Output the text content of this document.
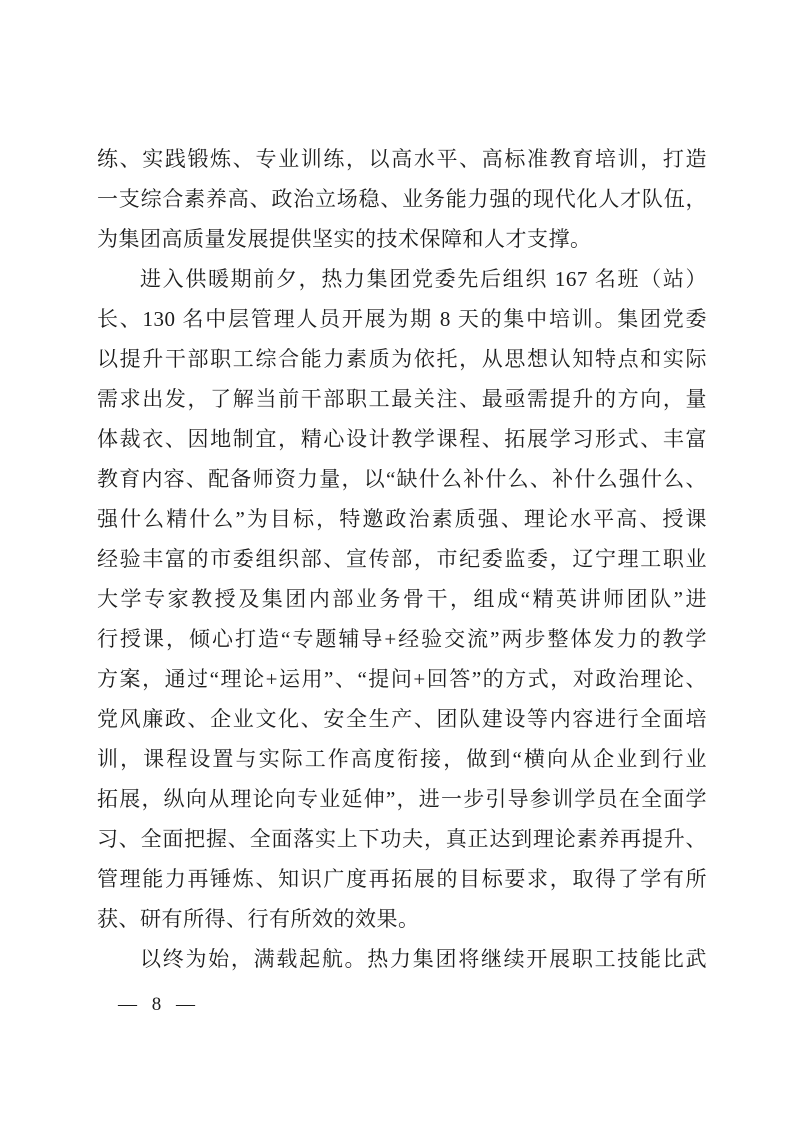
练、实践锻炼、专业训练，以高水平、高标准教育培训，打造

一支综合素养高、政治立场稳、业务能力强的现代化人才队伍，

为集团高质量发展提供坚实的技术保障和人才支撑。

进入供暖期前夕，热力集团党委先后组织 167 名班（站）

长、130 名中层管理人员开展为期 8 天的集中培训。集团党委

以提升干部职工综合能力素质为依托，从思想认知特点和实际

需求出发，了解当前干部职工最关注、最亟需提升的方向，量

体裁衣、因地制宜，精心设计教学课程、拓展学习形式、丰富

教育内容、配备师资力量，以“缺什么补什么、补什么强什么、

强什么精什么”为目标，特邀政治素质强、理论水平高、授课

经验丰富的市委组织部、宣传部，市纪委监委，辽宁理工职业

大学专家教授及集团内部业务骨干，组成“精英讲师团队”进

行授课，倾心打造“专题辅导+经验交流”两步整体发力的教学

方案，通过“理论+运用”、“提问+回答”的方式，对政治理论、

党风廉政、企业文化、安全生产、团队建设等内容进行全面培

训，课程设置与实际工作高度衔接，做到“横向从企业到行业

拓展，纵向从理论向专业延伸”，进一步引导参训学员在全面学

习、全面把握、全面落实上下功夫，真正达到理论素养再提升、

管理能力再锤炼、知识广度再拓展的目标要求，取得了学有所

获、研有所得、行有所效的效果。

以终为始，满载起航。热力集团将继续开展职工技能比武

— 8 —
